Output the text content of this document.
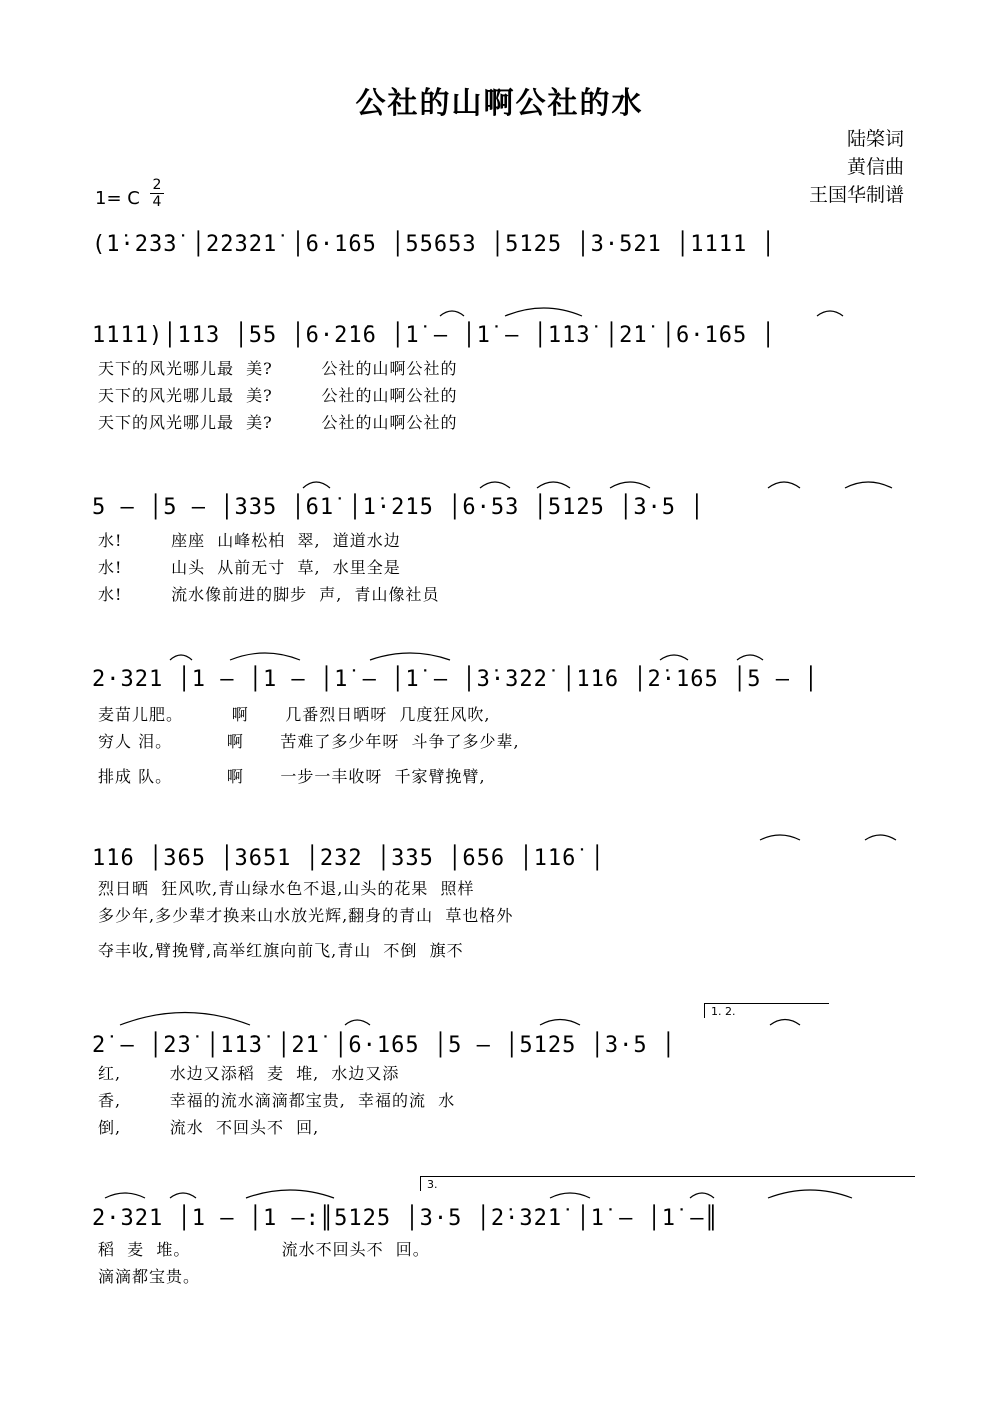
公社的山啊公社的水
陆棨词
黄信曲
王国华制谱
1= C
2
4
(1̇·2̇3̇3̇ │2̇2̇3̇2̇1̇ │6·1̇65 │55653 │5125 │3·521 │1111 │
1111)│113 │55 │6·2̇1̇6 │1̇ – │1̇ – │1̇1̇3̇ │2̇1̇ │6·1̇65 │
天下的风光哪儿最  美?        公社的山啊公社的
天下的风光哪儿最  美?        公社的山啊公社的
天下的风光哪儿最  美?        公社的山啊公社的
5 – │5 – │335 │61̇ │1̇·2̇1̇5 │6·53 │5125 │3·5 │
水!        座座  山峰松柏  翠,  道道水边
水!        山头  从前无寸  草,  水里全是
水!        流水像前进的脚步  声,  青山像社员
2·321 │1 – │1 – │1̇ – │1̇ – │3̇·3̇2̇2̇ │1̇1̇6 │2̇·1̇65 │5 – │
麦苗儿肥。        啊      几番烈日晒呀  几度狂风吹,
穷人 泪。         啊      苦难了多少年呀  斗争了多少辈,
排成 队。         啊      一步一丰收呀  千家臂挽臂,
1̇1̇6 │365 │3651 │232 │335 │656 │1̇1̇6̇ │
烈日晒  狂风吹,青山绿水色不退,山头的花果  照样
多少年,多少辈才换来山水放光辉,翻身的青山  草也格外
夺丰收,臂挽臂,高举红旗向前飞,青山  不倒  旗不
1. 2.
2̇ – │2̇3̇ │1̇1̇3̇ │2̇1̇ │6·1̇65 │5 – │5125 │3·5 │
红,        水边又添稻  麦  堆,  水边又添
香,        幸福的流水滴滴都宝贵,  幸福的流  水
倒,        流水  不回头不  回,
3.
2·321 │1 – │1 –:║5125 │3·5 │2̇·3̇2̇1̇ │1̇ – │1̇ –║
稻  麦  堆。               流水不回头不  回。
滴滴都宝贵。
